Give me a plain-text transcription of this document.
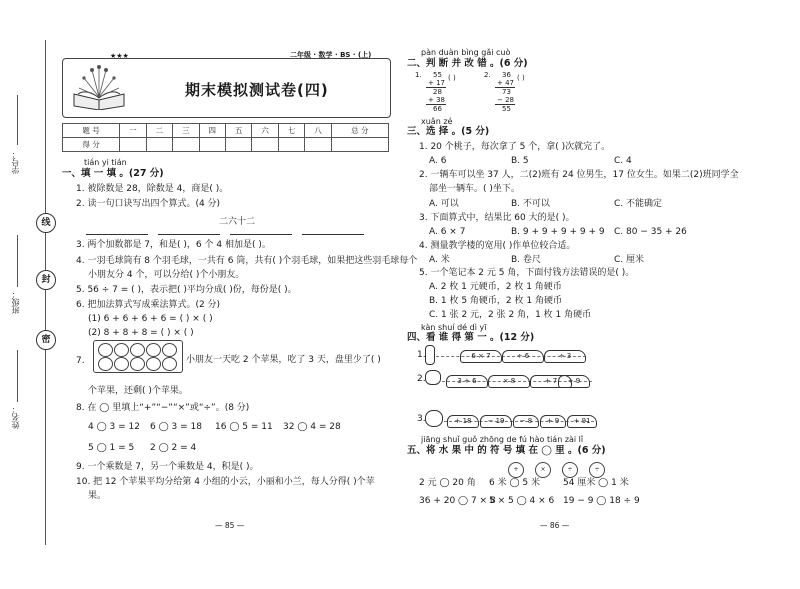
线
封
密
学号：
班级：
姓名：
二年级 · 数学 · BS · (上)
★★★
期末模拟测试卷(四)
题 号	一	二	三	四	五	六	七	八	总 分
得 分									
tián yi tián
一、填 一 填 。(27 分)
1. 被除数是 28，除数是 4，商是( )。
2. 读一句口诀写出四个算式。(4 分)
二六十二
3. 两个加数都是 7，和是( )，6 个 4 相加是( )。
4. 一羽毛球筒有 8 个羽毛球，一共有 6 筒，共有( )个羽毛球，如果把这些羽毛球每个
小朋友分 4 个，可以分给( )个小朋友。
5. 56 ÷ 7 = ( )，表示把( )平均分成( )份，每份是( )。
6. 把加法算式写成乘法算式。(2 分)
(1) 6 + 6 + 6 + 6 = ( ) × ( )
(2) 8 + 8 + 8 = ( ) × ( )
7.	小朋友一天吃 2 个苹果，吃了 3 天，盘里少了( )
个苹果，还剩( )个苹果。
8. 在 ◯ 里填上“+”“−”“×”或“÷”。(8 分)
4 ◯ 3 = 12 6 ◯ 3 = 18 16 ◯ 5 = 11 32 ◯ 4 = 28
5 ◯ 1 = 5 2 ◯ 2 = 4
9. 一个乘数是 7，另一个乘数是 4，积是( )。
10. 把 12 个苹果平均分给第 4 小组的小云，小丽和小兰，每人分得( )个苹
果。
— 85 —
pàn duàn bìng gǎi cuò
二、判 断 并 改 错 。(6 分)
1. 55
+ 17
28
+ 38
66
( )	2. 36
+ 47
73
− 28
55
( )
xuǎn zé
三、选 择 。(5 分)
1. 20 个桃子，每次拿了 5 个，拿( )次就完了。
A. 6	B. 5	C. 4
2. 一辆车可以坐 37 人，二(2)班有 24 位男生，17 位女生。如果二(2)班同学全
部坐一辆车。( )坐下。
A. 可以	B. 不可以	C. 不能确定
3. 下面算式中，结果比 60 大的是( )。
A. 6 × 7	B. 9 + 9 + 9 + 9 + 9 C. 80 − 35 + 26
4. 测量教学楼的宽用( )作单位较合适。
A. 米	B. 卷尺	C. 厘米
5. 一个笔记本 2 元 5 角，下面付钱方法错误的是( )。
A. 2 枚 1 元硬币，2 枚 1 角硬币
B. 1 枚 5 角硬币，2 枚 1 角硬币
C. 1 张 2 元，2 张 2 角，1 枚 1 角硬币
kàn shuí dé dì yī
四、看 谁 得 第 一 。(12 分)
1.	6 × 7	÷ 6	÷ 3
2.	3 + 6	× 8	+ 7	÷ 9
3.	+ 18	− 19	− 8	+ 9	+ 91
jiāng shuǐ guǒ zhōng de fú hào tián zài lǐ
五、将 水 果 中 的 符 号 填 在 ◯ 里 。(6 分)
+	×	÷	÷
2 元 ◯ 20 角 6 米 ◯ 5 米	54 厘米 ◯ 1 米
36 + 20 ◯ 7 × 8
5 × 5 ◯ 4 × 6 19 − 9 ◯ 18 ÷ 9
— 86 —
